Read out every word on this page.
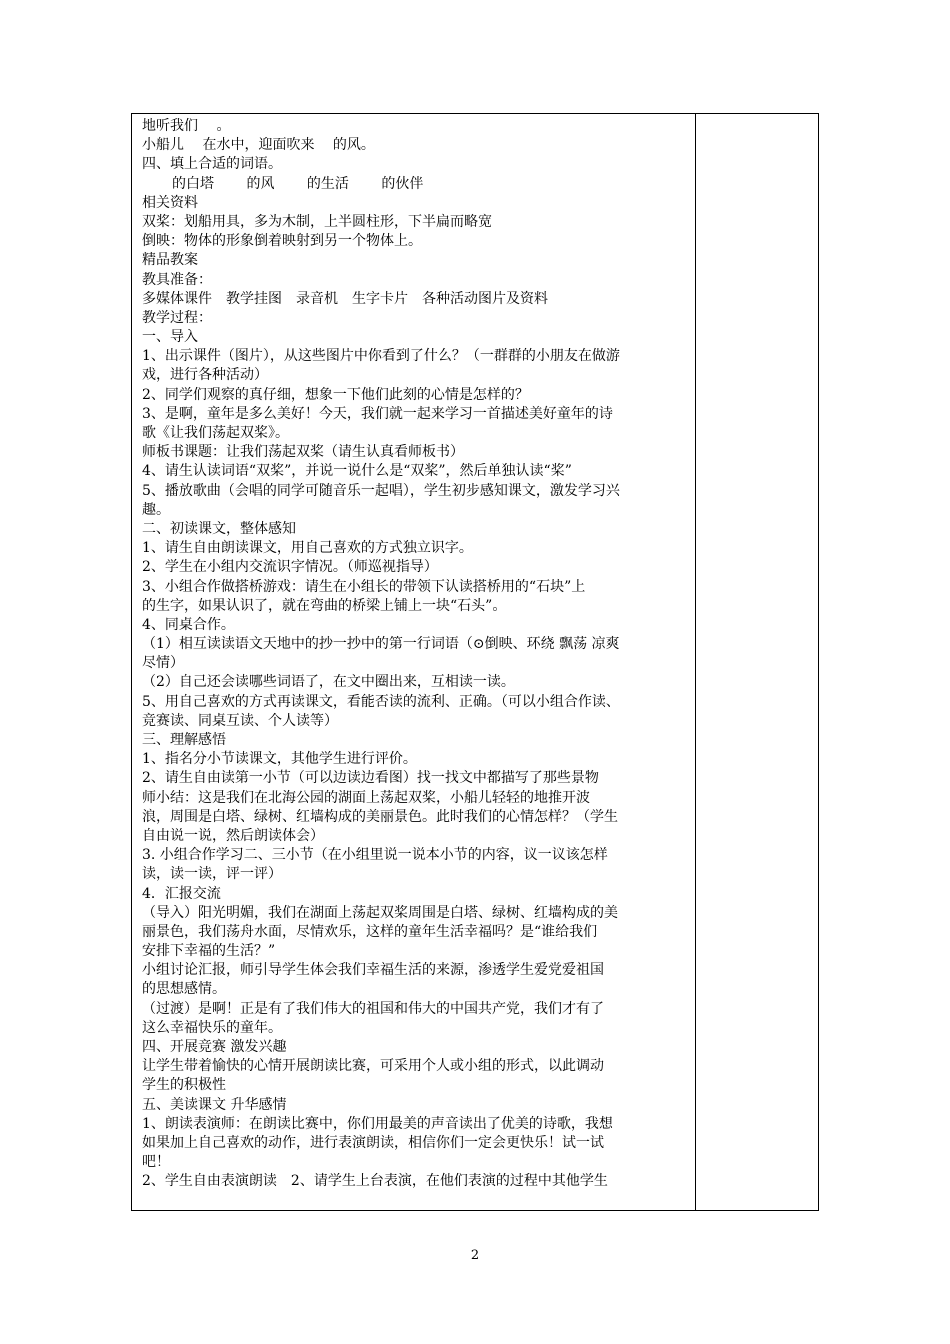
地听我们 　。
小船儿　 在水中，迎面吹来 　的风。
四、填上合适的词语。
的白塔 　　的风 　　的生活 　　的伙伴
相关资料
双桨：划船用具，多为木制，上半圆柱形，下半扁而略宽
倒映：物体的形象倒着映射到另一个物体上。
精品教案
教具准备：
多媒体课件　教学挂图　录音机　生字卡片　各种活动图片及资料
教学过程：
一、导入
1、出示课件（图片），从这些图片中你看到了什么？（一群群的小朋友在做游
戏，进行各种活动）
2、同学们观察的真仔细，想象一下他们此刻的心情是怎样的？
3、是啊，童年是多么美好！今天，我们就一起来学习一首描述美好童年的诗
歌《让我们荡起双桨》。
师板书课题：让我们荡起双桨（请生认真看师板书）
4、请生认读词语“双桨”，并说一说什么是“双桨”，然后单独认读“桨”
5、播放歌曲（会唱的同学可随音乐一起唱），学生初步感知课文，激发学习兴
趣。
二、初读课文，整体感知
1、请生自由朗读课文，用自己喜欢的方式独立识字。
2、学生在小组内交流识字情况。（师巡视指导）
3、小组合作做搭桥游戏：请生在小组长的带领下认读搭桥用的“石块”上
的生字，如果认识了，就在弯曲的桥梁上铺上一块“石头”。
4、同桌合作。
（1）相互读读语文天地中的抄一抄中的第一行词语（⊙倒映、环绕 飘荡 凉爽
尽情）
（2）自己还会读哪些词语了，在文中圈出来，互相读一读。
5、用自己喜欢的方式再读课文，看能否读的流利、正确。（可以小组合作读、
竞赛读、同桌互读、个人读等）
三、理解感悟
1、指名分小节读课文，其他学生进行评价。
2、请生自由读第一小节（可以边读边看图）找一找文中都描写了那些景物
师小结：这是我们在北海公园的湖面上荡起双桨，小船儿轻轻的地推开波
浪，周围是白塔、绿树、红墙构成的美丽景色。此时我们的心情怎样？（学生
自由说一说，然后朗读体会）
3. 小组合作学习二、三小节（在小组里说一说本小节的内容，议一议该怎样
读，读一读，评一评）
4．汇报交流
（导入）阳光明媚，我们在湖面上荡起双桨周围是白塔、绿树、红墙构成的美
丽景色，我们荡舟水面，尽情欢乐，这样的童年生活幸福吗？是“谁给我们
安排下幸福的生活？”
小组讨论汇报，师引导学生体会我们幸福生活的来源，渗透学生爱党爱祖国
的思想感情。
（过渡）是啊！正是有了我们伟大的祖国和伟大的中国共产党，我们才有了
这么幸福快乐的童年。
四、开展竞赛 激发兴趣
让学生带着愉快的心情开展朗读比赛，可采用个人或小组的形式，以此调动
学生的积极性
五、美读课文 升华感情
1、朗读表演师：在朗读比赛中，你们用最美的声音读出了优美的诗歌，我想
如果加上自己喜欢的动作，进行表演朗读，相信你们一定会更快乐！试一试
吧！
2、学生自由表演朗读　2、请学生上台表演，在他们表演的过程中其他学生
2
